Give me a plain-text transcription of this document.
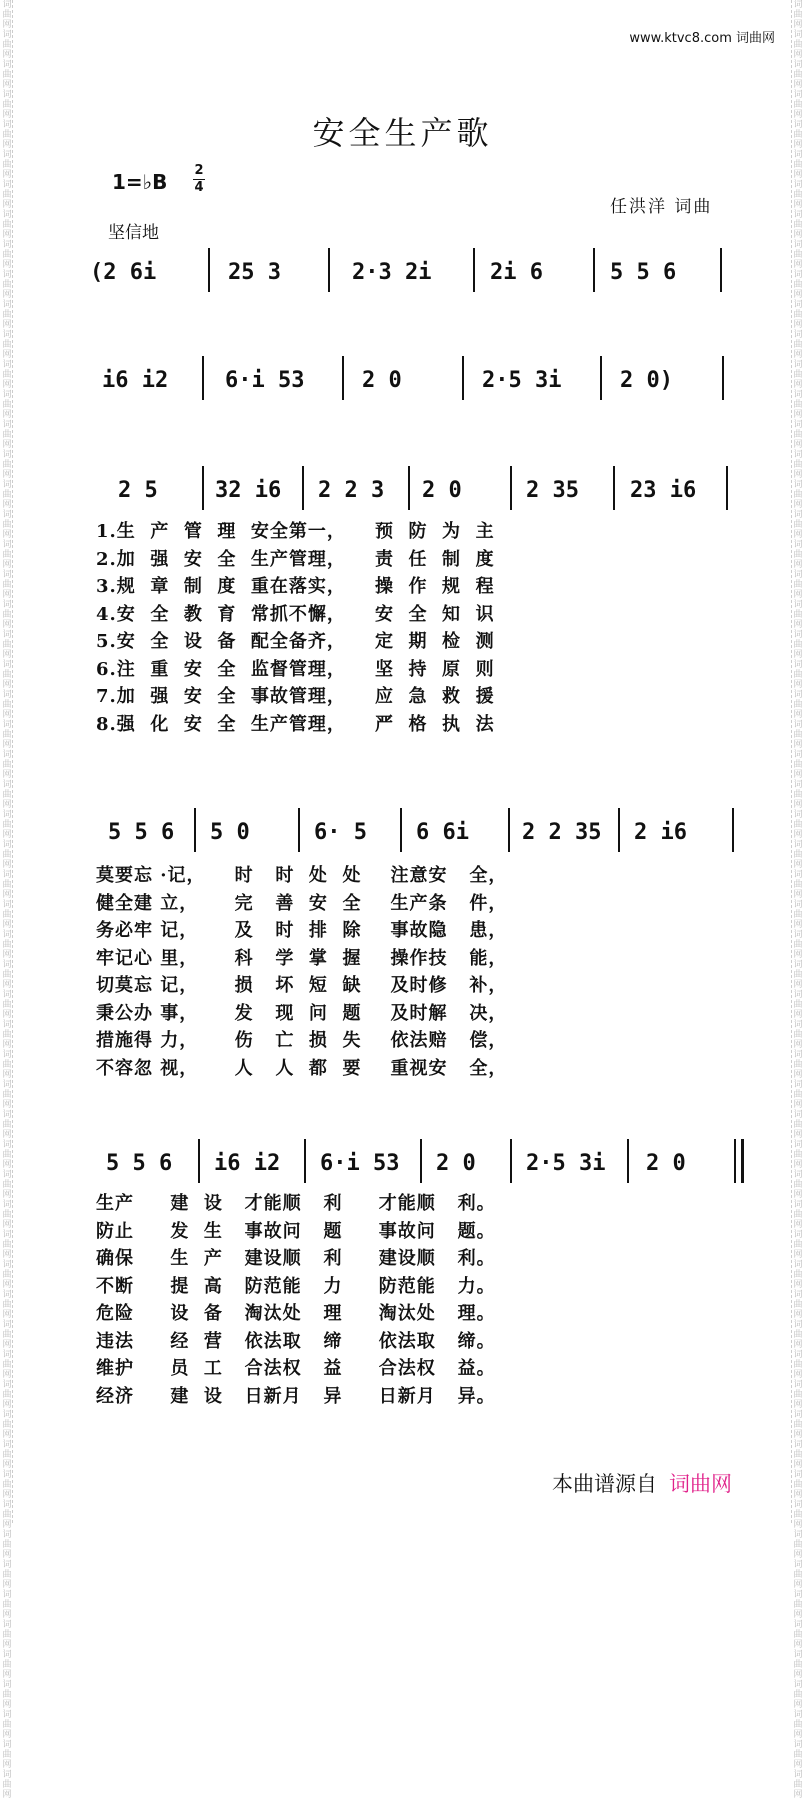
词曲网词曲网词曲网词曲网词曲网词曲网词曲网词曲网词曲网词曲网词曲网词曲网词曲网词曲网词曲网词曲网词曲网词曲网词曲网词曲网词曲网词曲网词曲网词曲网词曲网词曲网词曲网词曲网词曲网词曲网词曲网词曲网词曲网词曲网词曲网词曲网词曲网词曲网词曲网词曲网词曲网词曲网词曲网词曲网词曲网词曲网词曲网词曲网词曲网词曲网词曲网词曲网词曲网词曲网词曲网词曲网词曲网词曲网词曲网词曲网
词曲网词曲网词曲网词曲网词曲网词曲网词曲网词曲网词曲网词曲网词曲网词曲网词曲网词曲网词曲网词曲网词曲网词曲网词曲网词曲网词曲网词曲网词曲网词曲网词曲网词曲网词曲网词曲网词曲网词曲网词曲网词曲网词曲网词曲网词曲网词曲网词曲网词曲网词曲网词曲网词曲网词曲网词曲网词曲网词曲网词曲网词曲网词曲网词曲网词曲网词曲网词曲网词曲网词曲网词曲网词曲网词曲网词曲网词曲网词曲网
www.ktvc8.com 词曲网
安全生产歌
1=♭B 2
4
坚信地
任洪洋 词曲
(2 6i	25 3	2·3 2i	2i 6	5 5 6
i6 i2	6·i 53	2 0	2·5 3i	2 0)
2 5	32 i6 2 2 3 2 0	2 35 23 i6
1.生  产  管  理  安全第一，    预  防  为  主
2.加  强  安  全  生产管理，    责  任  制  度
3.规  章  制  度  重在落实，    操  作  规  程
4.安  全  教  育  常抓不懈，    安  全  知  识
5.安  全  设  备  配全备齐，    定  期  检  测
6.注  重  安  全  监督管理，    坚  持  原  则
7.加  强  安  全  事故管理，    应  急  救  援
8.强  化  安  全  生产管理，    严  格  执  法
5 5 6 5 0	6· 5 6 6i 2 2 35 2 i6
莫要忘 ·记，    时   时  处  处    注意安   全，
健全建 立，     完   善  安  全    生产条   件，
务必牢 记，     及   时  排  除    事故隐   患，
牢记心 里，     科   学  掌  握    操作技   能，
切莫忘 记，     损   坏  短  缺    及时修   补，
秉公办 事，     发   现  问  题    及时解   决，
措施得 力，     伤   亡  损  失    依法赔   偿，
不容忽 视，     人   人  都  要    重视安   全，
5 5 6 i6 i2 6·i 53 2 0 2·5 3i 2 0
生产     建  设   才能顺   利     才能顺   利。
防止     发  生   事故问   题     事故问   题。
确保     生  产   建设顺   利     建设顺   利。
不断     提  高   防范能   力     防范能   力。
危险     设  备   淘汰处   理     淘汰处   理。
违法     经  营   依法取   缔     依法取   缔。
维护     员  工   合法权   益     合法权   益。
经济     建  设   日新月   异     日新月   异。
本曲谱源自 词曲网
